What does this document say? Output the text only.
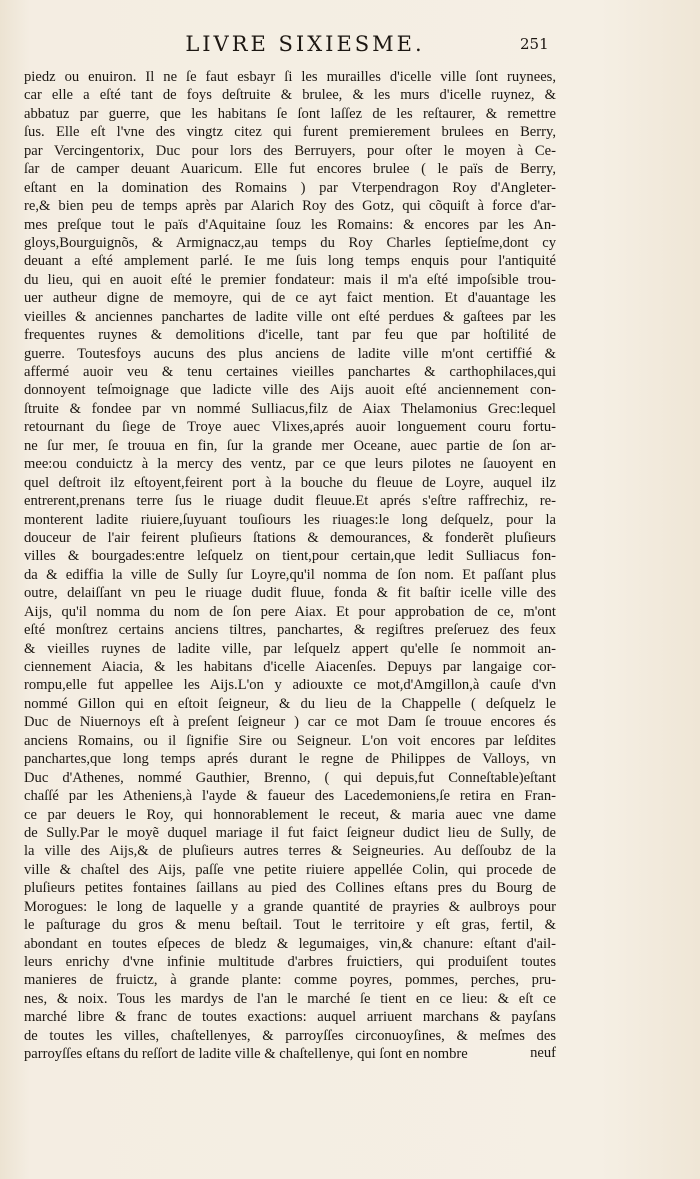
LIVRE SIXIESME.	251
piedz ou enuiron. Il ne ſe faut esbayr ſi les murailles d'icelle ville ſont ruynees,
car elle a eſté tant de foys deſtruite & brulee, & les murs d'icelle ruynez, &
abbatuz par guerre, que les habitans ſe ſont laſſez de les reſtaurer, & remettre
ſus. Elle eſt l'vne des vingtz citez qui furent premierement brulees en Berry,
par Vercingentorix, Duc pour lors des Berruyers, pour oſter le moyen à Ce-
ſar de camper deuant Auaricum. Elle fut encores brulee ( le païs de Berry,
eſtant en la domination des Romains ) par Vterpendragon Roy d'Angleter-
re,& bien peu de temps après par Alarich Roy des Gotz, qui cõquiſt à force d'ar-
mes preſque tout le païs d'Aquitaine ſouz les Romains: & encores par les An-
gloys,Bourguignõs, & Armignacz,au temps du Roy Charles ſeptieſme,dont cy
deuant a eſté amplement parlé. Ie me ſuis long temps enquis pour l'antiquité
du lieu, qui en auoit eſté le premier fondateur: mais il m'a eſté impoſsible trou-
uer autheur digne de memoyre, qui de ce ayt faict mention. Et d'auantage les
vieilles & anciennes panchartes de ladite ville ont eſté perdues & gaſtees par les
frequentes ruynes & demolitions d'icelle, tant par feu que par hoſtilité de
guerre. Toutesfoys aucuns des plus anciens de ladite ville m'ont certiffié &
affermé auoir veu & tenu certaines vieilles panchartes & carthophilaces,qui
donnoyent teſmoignage que ladicte ville des Aijs auoit eſté anciennement con-
ſtruite & fondee par vn nommé Sulliacus,filz de Aiax Thelamonius Grec:lequel
retournant du ſiege de Troye auec Vlixes,aprés auoir longuement couru fortu-
ne ſur mer, ſe trouua en fin, ſur la grande mer Oceane, auec partie de ſon ar-
mee:ou conduictz à la mercy des ventz, par ce que leurs pilotes ne ſauoyent en
quel deſtroit ilz eſtoyent,feirent port à la bouche du fleuue de Loyre, auquel ilz
entrerent,prenans terre ſus le riuage dudit fleuue.Et aprés s'eſtre raffrechiz, re-
monterent ladite riuiere,ſuyuant touſiours les riuages:le long deſquelz, pour la
douceur de l'air feirent pluſieurs ſtations & demourances, & fonderẽt pluſieurs
villes & bourgades:entre leſquelz on tient,pour certain,que ledit Sulliacus fon-
da & ediffia la ville de Sully ſur Loyre,qu'il nomma de ſon nom. Et paſſant plus
outre, delaiſſant vn peu le riuage dudit fluue, fonda & fit baſtir icelle ville des
Aijs, qu'il nomma du nom de ſon pere Aiax. Et pour approbation de ce, m'ont
eſté monſtrez certains anciens tiltres, panchartes, & regiſtres preſeruez des feux
& vieilles ruynes de ladite ville, par leſquelz appert qu'elle ſe nommoit an-
ciennement Aiacia, & les habitans d'icelle Aiacenſes. Depuys par langaige cor-
rompu,elle fut appellee les Aijs.L'on y adiouxte ce mot,d'Amgillon,à cauſe d'vn
nommé Gillon qui en eſtoit ſeigneur, & du lieu de la Chappelle ( deſquelz le
Duc de Niuernoys eſt à preſent ſeigneur ) car ce mot Dam ſe trouue encores és
anciens Romains, ou il ſignifie Sire ou Seigneur. L'on voit encores par leſdites
panchartes,que long temps aprés durant le regne de Philippes de Valloys, vn
Duc d'Athenes, nommé Gauthier, Brenno, ( qui depuis,fut Conneſtable)eſtant
chaſſé par les Atheniens,à l'ayde & faueur des Lacedemoniens,ſe retira en Fran-
ce par deuers le Roy, qui honnorablement le receut, & maria auec vne dame
de Sully.Par le moyẽ duquel mariage il fut faict ſeigneur dudict lieu de Sully, de
la ville des Aijs,& de pluſieurs autres terres & Seigneuries. Au deſſoubz de la
ville & chaſtel des Aijs, paſſe vne petite riuiere appellée Colin, qui procede de
pluſieurs petites fontaines ſaillans au pied des Collines eſtans pres du Bourg de
Morogues: le long de laquelle y a grande quantité de prayries & aulbroys pour
le paſturage du gros & menu beſtail. Tout le territoire y eſt gras, fertil, &
abondant en toutes eſpeces de bledz & legumaiges, vin,& chanure: eſtant d'ail-
leurs enrichy d'vne infinie multitude d'arbres fruictiers, qui produiſent toutes
manieres de fruictz, à grande plante: comme poyres, pommes, perches, pru-
nes, & noix. Tous les mardys de l'an le marché ſe tient en ce lieu: & eſt ce
marché libre & franc de toutes exactions: auquel arriuent marchans & payſans
de toutes les villes, chaſtellenyes, & parroyſſes circonuoyſines, & meſmes des
parroyſſes eſtans du reſſort de ladite ville & chaſtellenye, qui ſont en nombre	neuf
